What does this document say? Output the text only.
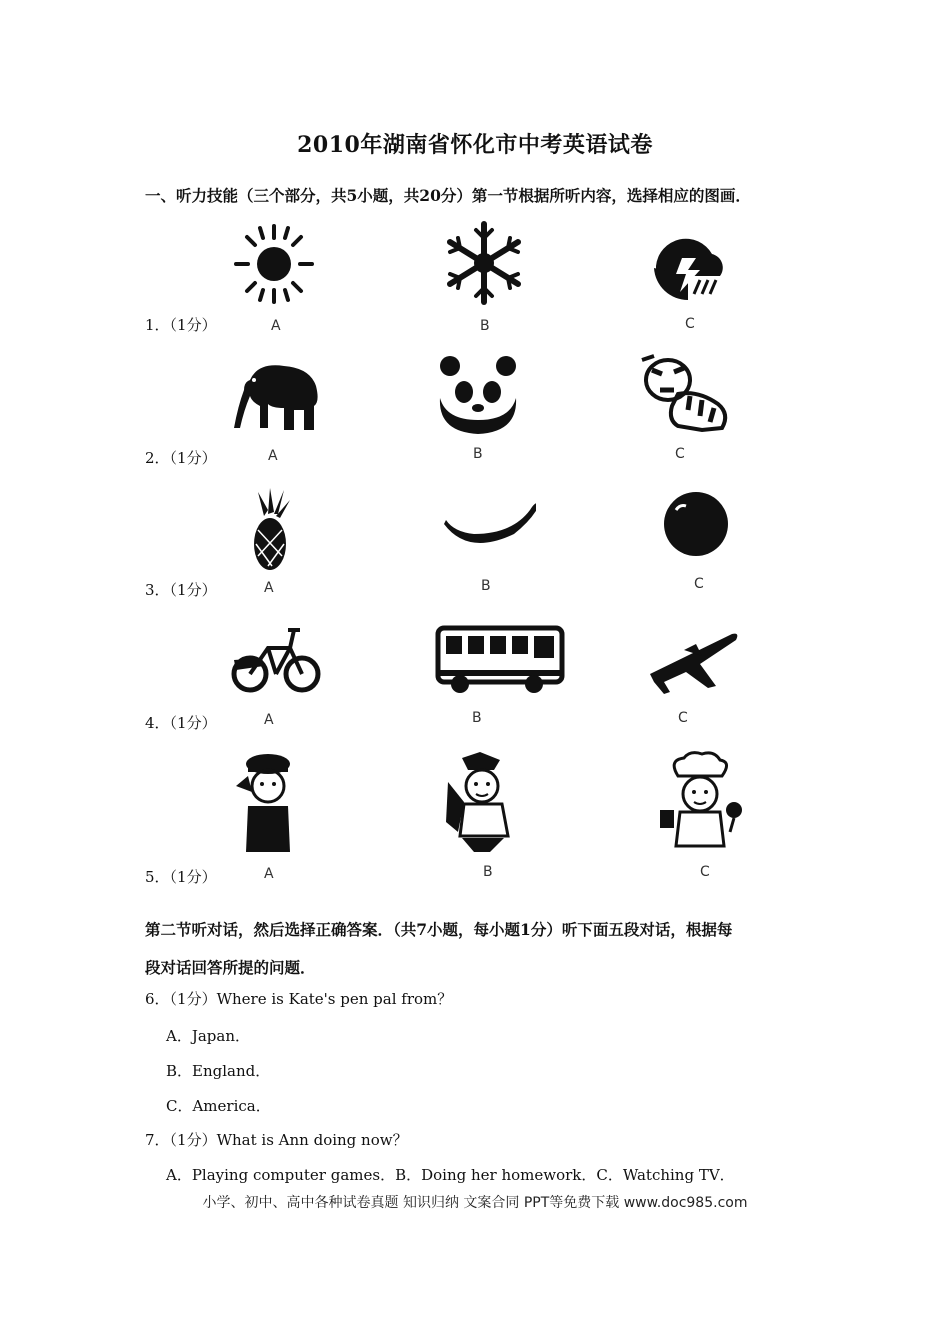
2010年湖南省怀化市中考英语试卷
一、听力技能（三个部分，共5小题，共20分）第一节根据所听内容，选择相应的图画．
1．（1分）	A	B	C
2．（1分）	A	B	C
3．（1分）	A	B	C
4．（1分）	A	B	C
5．（1分）	A	B	C
第二节听对话，然后选择正确答案．（共7小题，每小题1分）听下面五段对话，根据每
段对话回答所提的问题．
6．（1分）Where is Kate's pen pal from？
A．Japan．
B．England．
C．America．
7．（1分）What is Ann doing now？
A．Playing computer games．B．Doing her homework．C．Watching TV．
小学、初中、高中各种试卷真题 知识归纳 文案合同 PPT等免费下载 www.doc985.com
